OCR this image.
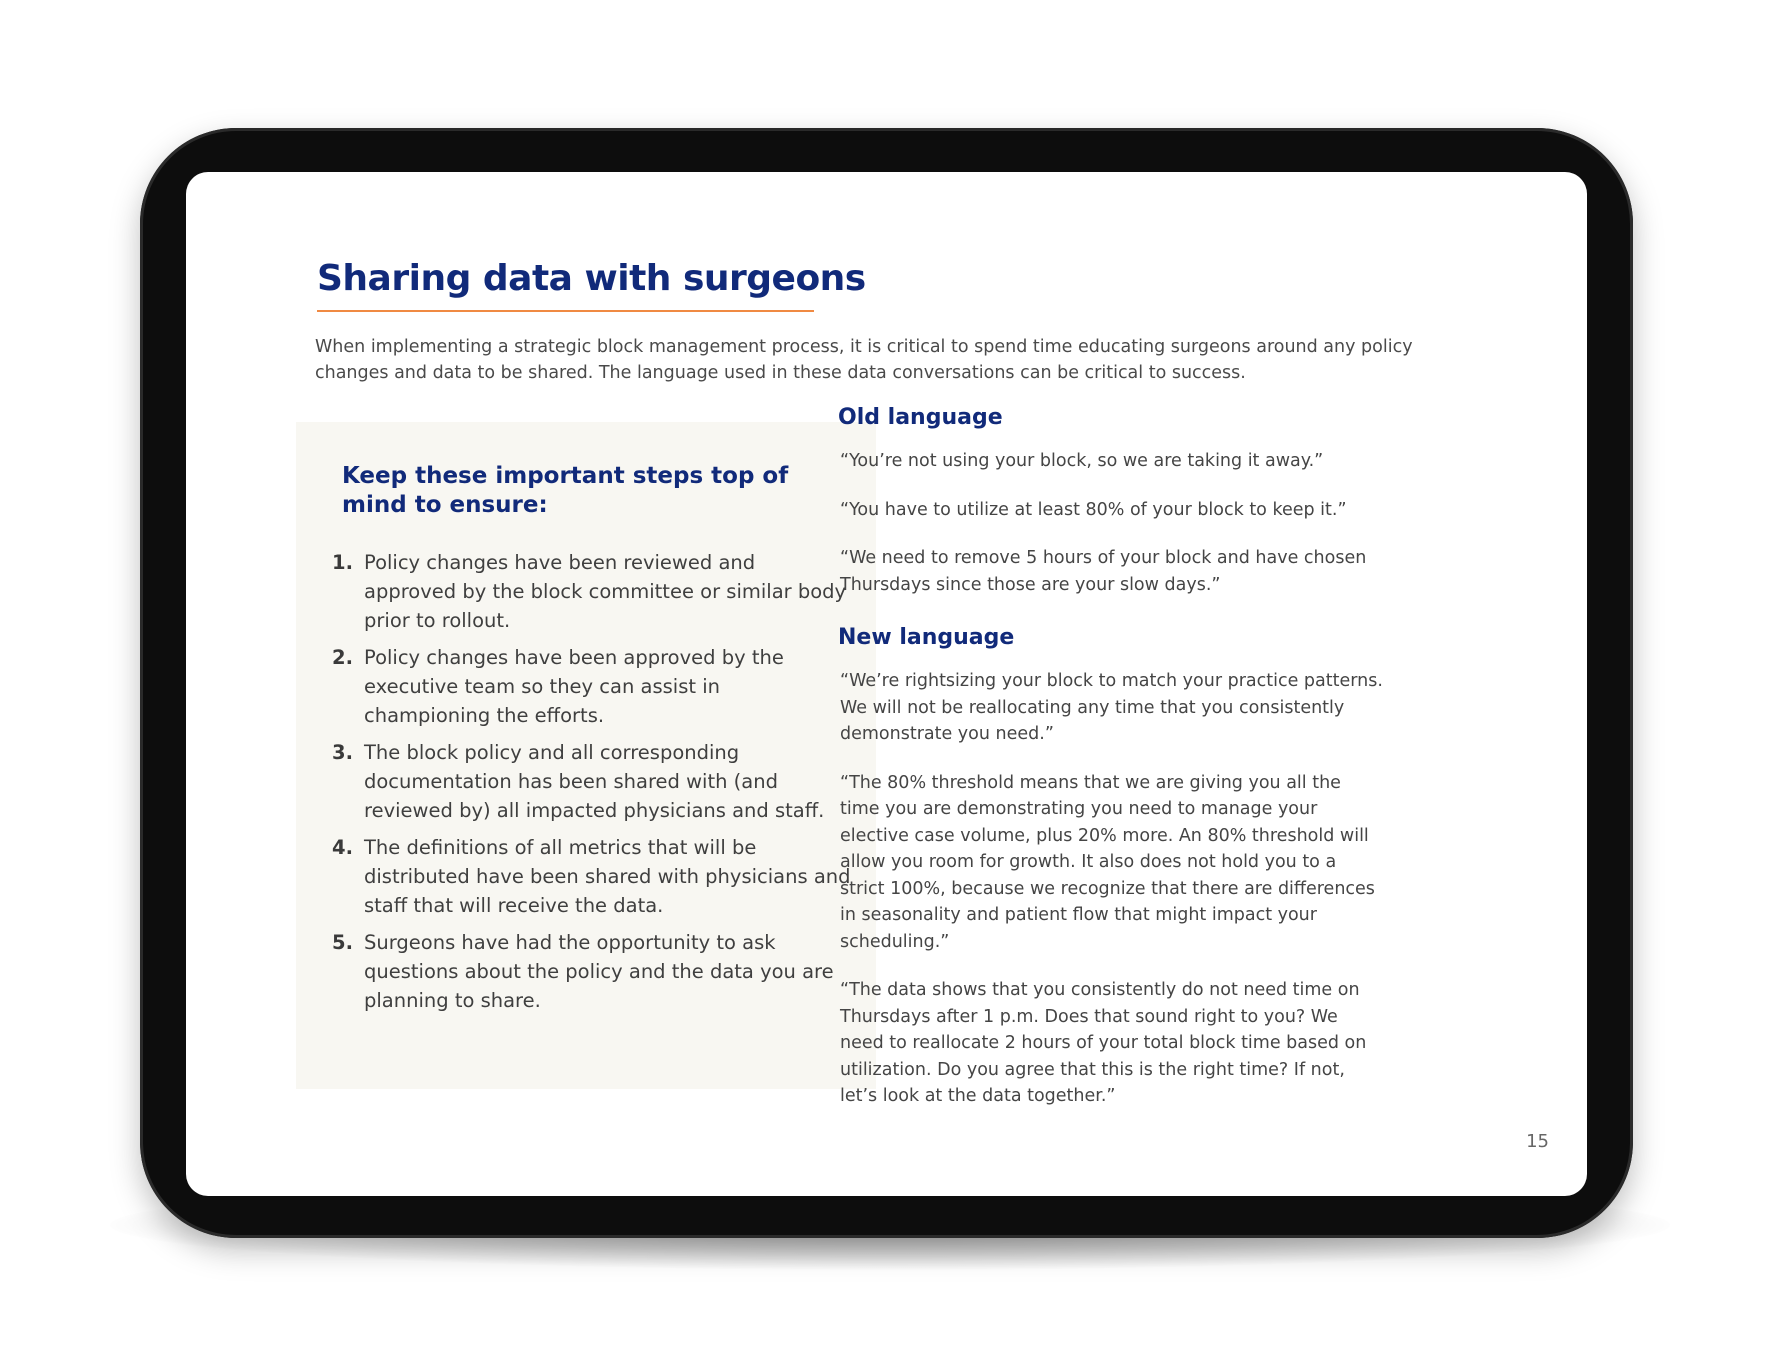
Sharing data with surgeons

When implementing a strategic block management process, it is critical to spend time educating surgeons around any policy changes and data to be shared. The language used in these data conversations can be critical to success.

Keep these important steps top of mind to ensure:
1. Policy changes have been reviewed and approved by the block committee or similar body prior to rollout.
2. Policy changes have been approved by the executive team so they can assist in championing the efforts.
3. The block policy and all corresponding documentation has been shared with (and reviewed by) all impacted physicians and staff.
4. The definitions of all metrics that will be distributed have been shared with physicians and staff that will receive the data.
5. Surgeons have had the opportunity to ask questions about the policy and the data you are planning to share.
Old language

“You’re not using your block, so we are taking it away.”

“You have to utilize at least 80% of your block to keep it.”

“We need to remove 5 hours of your block and have chosen Thursdays since those are your slow days.”

New language

“We’re rightsizing your block to match your practice patterns. We will not be reallocating any time that you consistently demonstrate you need.”

“The 80% threshold means that we are giving you all the time you are demonstrating you need to manage your elective case volume, plus 20% more. An 80% threshold will allow you room for growth. It also does not hold you to a strict 100%, because we recognize that there are differences in seasonality and patient flow that might impact your scheduling.”

“The data shows that you consistently do not need time on Thursdays after 1 p.m. Does that sound right to you? We need to reallocate 2 hours of your total block time based on utilization. Do you agree that this is the right time? If not, let’s look at the data together.”

15
